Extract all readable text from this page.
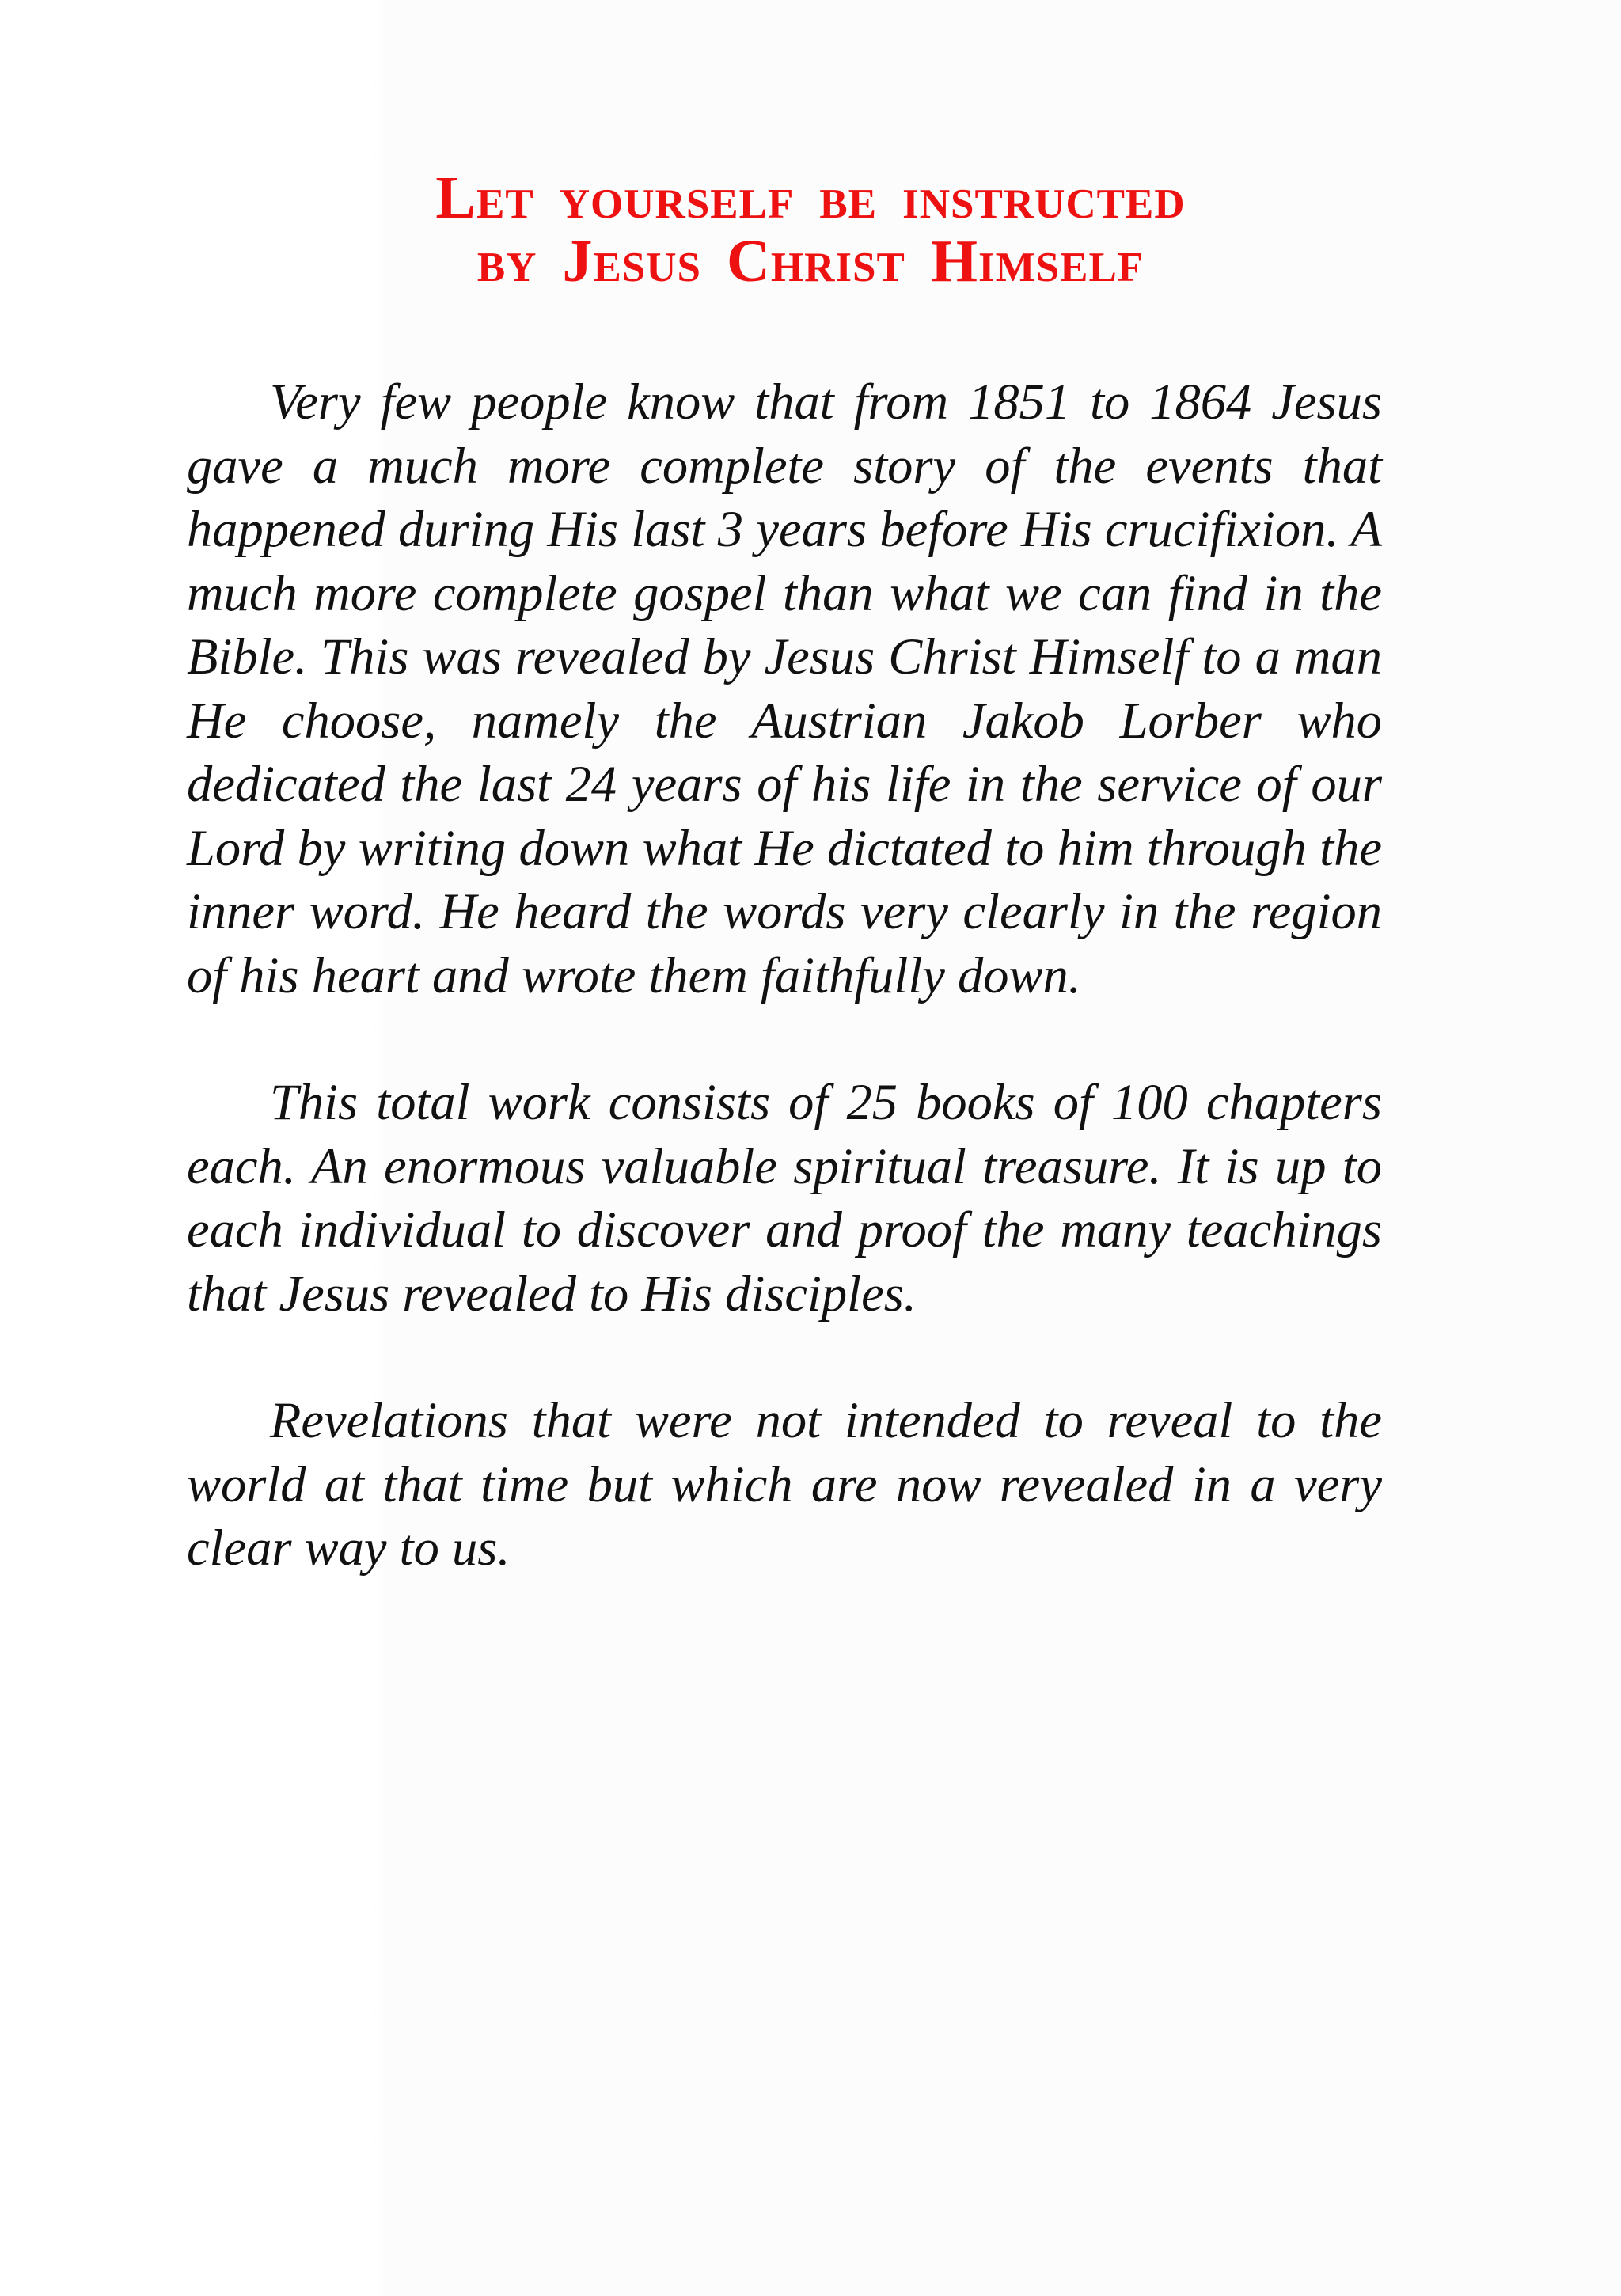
Let yourself be instructed
by Jesus Christ Himself

Very few people know that from 1851 to 1864 Jesus gave a much more complete story of the events that happened during His last 3 years before His crucifixion. A much more complete gospel than what we can find in the Bible. This was revealed by Jesus Christ Himself to a man He choose, namely the Austrian Jakob Lorber who dedicated the last 24 years of his life in the service of our Lord by writing down what He dictated to him through the inner word. He heard the words very clearly in the region of his heart and wrote them faithfully down.

This total work consists of 25 books of 100 chapters each. An enormous valuable spiritual treasure. It is up to each individual to discover and proof the many teachings that Jesus revealed to His disciples.

Revelations that were not intended to reveal to the world at that time but which are now revealed in a very clear way to us.
